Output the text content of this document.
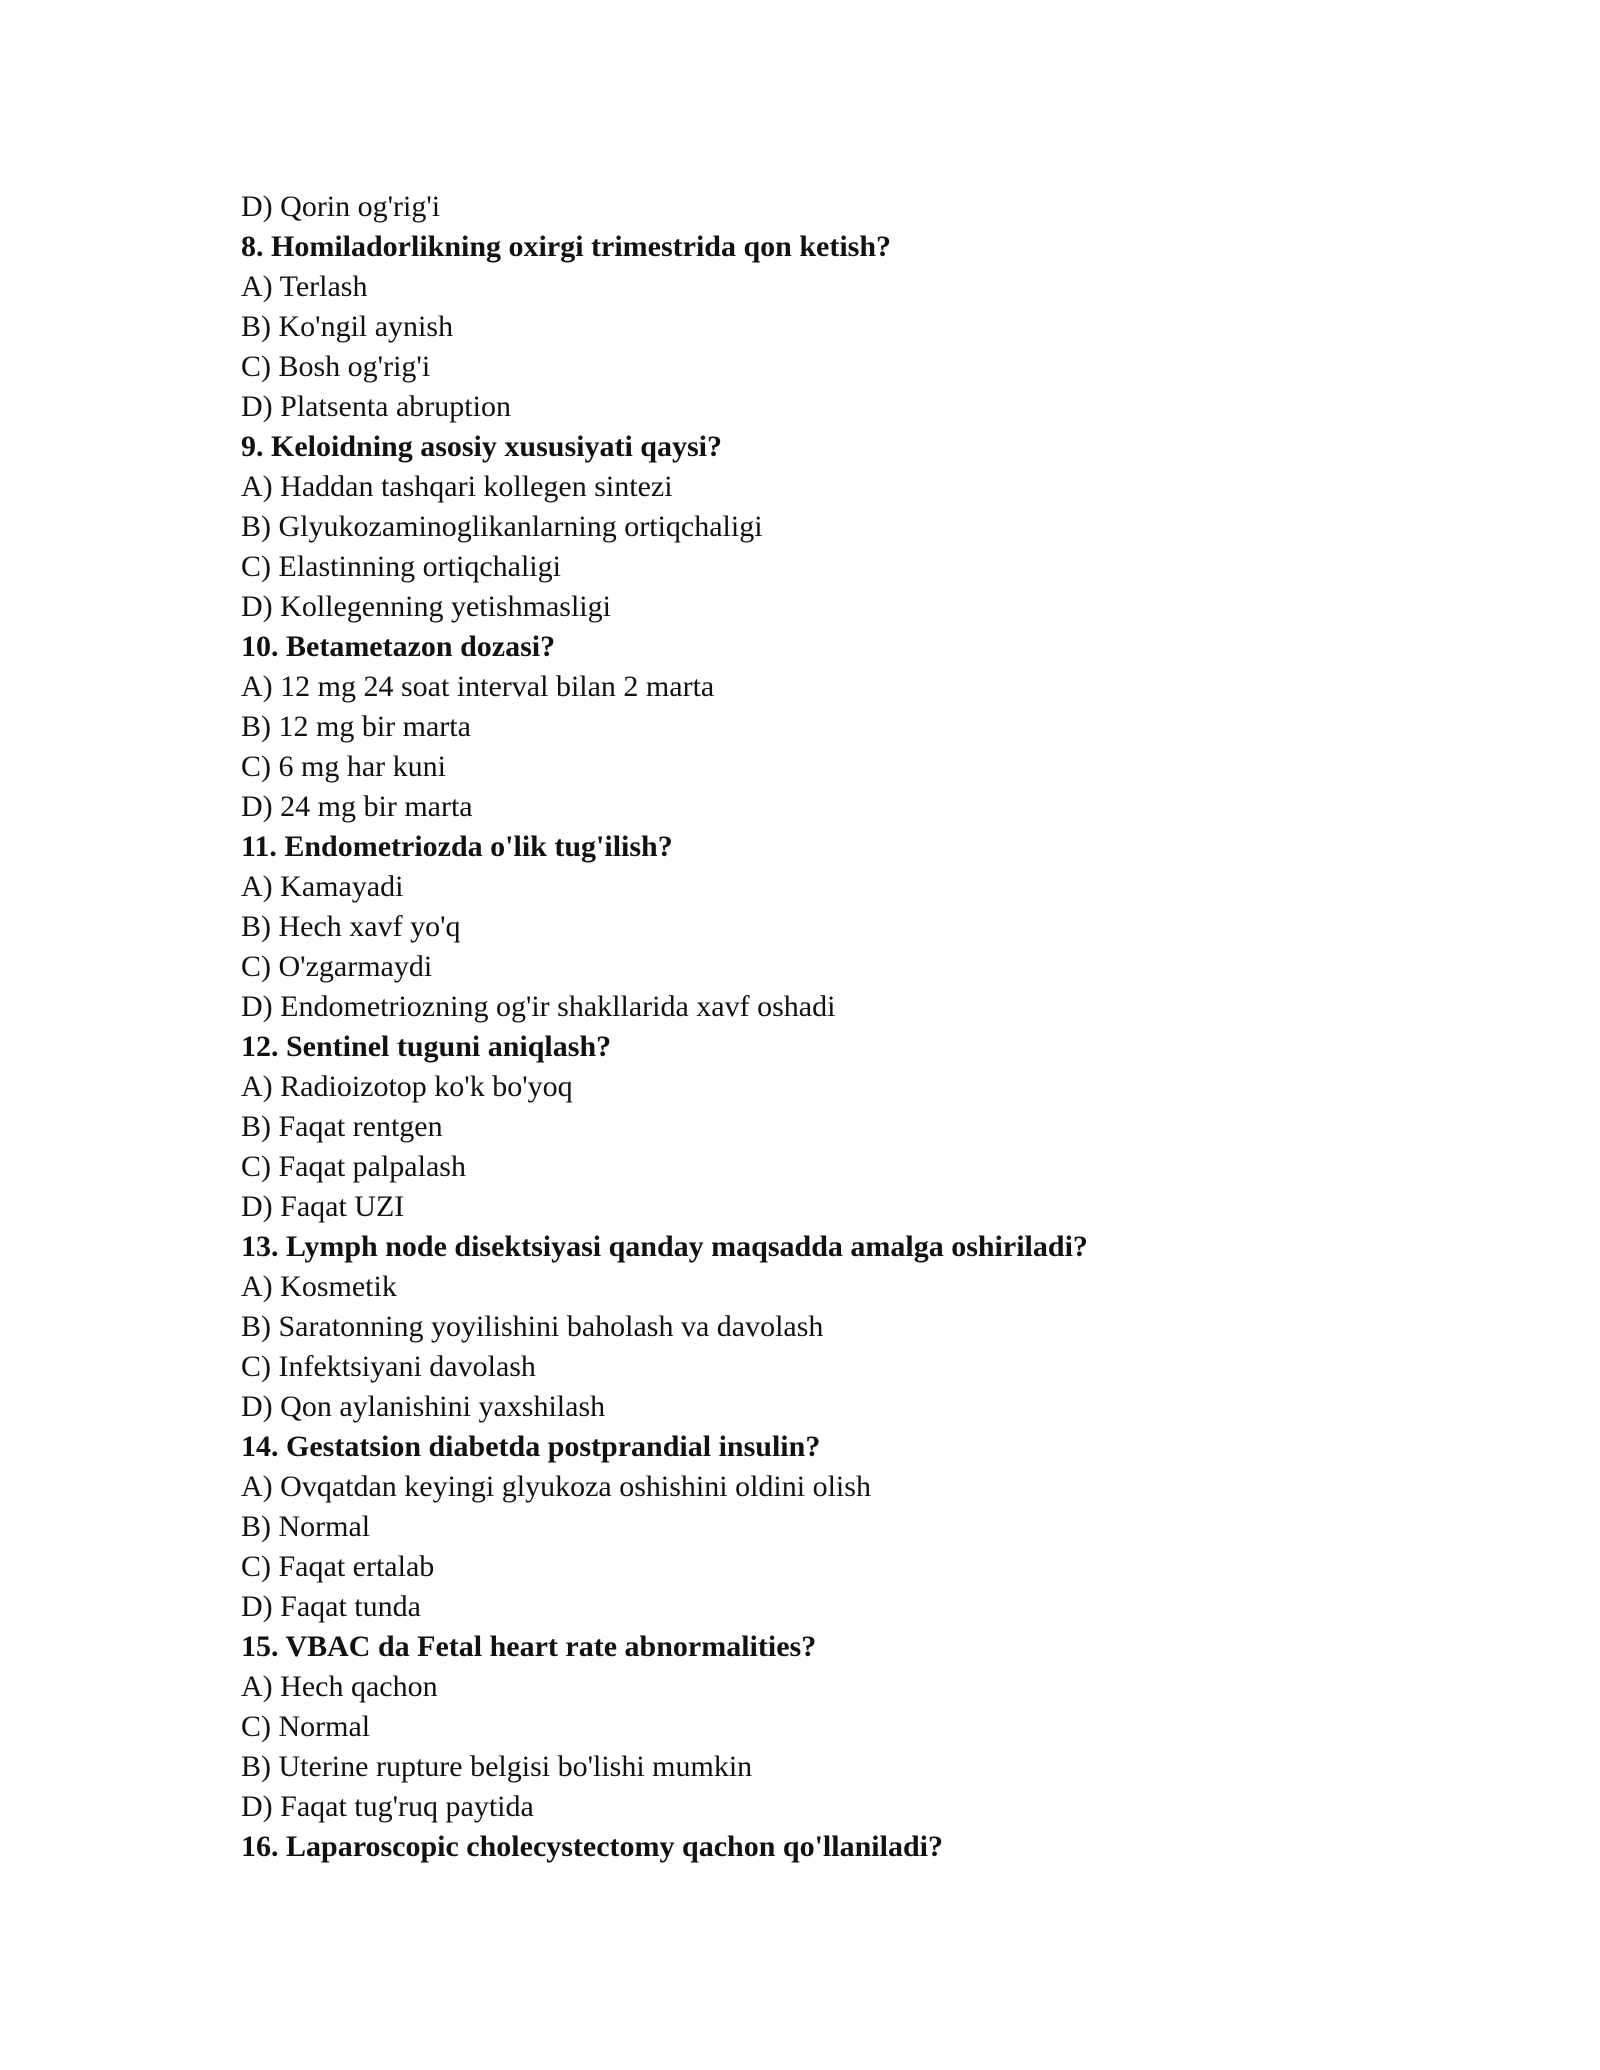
D) Qorin og'rig'i
8. Homiladorlikning oxirgi trimestrida qon ketish?
A) Terlash
B) Ko'ngil aynish
C) Bosh og'rig'i
D) Platsenta abruption
9. Keloidning asosiy xususiyati qaysi?
A) Haddan tashqari kollegen sintezi
B) Glyukozaminoglikanlarning ortiqchaligi
C) Elastinning ortiqchaligi
D) Kollegenning yetishmasligi
10. Betametazon dozasi?
A) 12 mg 24 soat interval bilan 2 marta
B) 12 mg bir marta
C) 6 mg har kuni
D) 24 mg bir marta
11. Endometriozda o'lik tug'ilish?
A) Kamayadi
B) Hech xavf yo'q
C) O'zgarmaydi
D) Endometriozning og'ir shakllarida xavf oshadi
12. Sentinel tuguni aniqlash?
A) Radioizotop ko'k bo'yoq
B) Faqat rentgen
C) Faqat palpalash
D) Faqat UZI
13. Lymph node disektsiyasi qanday maqsadda amalga oshiriladi?
A) Kosmetik
B) Saratonning yoyilishini baholash va davolash
C) Infektsiyani davolash
D) Qon aylanishini yaxshilash
14. Gestatsion diabetda postprandial insulin?
A) Ovqatdan keyingi glyukoza oshishini oldini olish
B) Normal
C) Faqat ertalab
D) Faqat tunda
15. VBAC da Fetal heart rate abnormalities?
A) Hech qachon
C) Normal
B) Uterine rupture belgisi bo'lishi mumkin
D) Faqat tug'ruq paytida
16. Laparoscopic cholecystectomy qachon qo'llaniladi?
